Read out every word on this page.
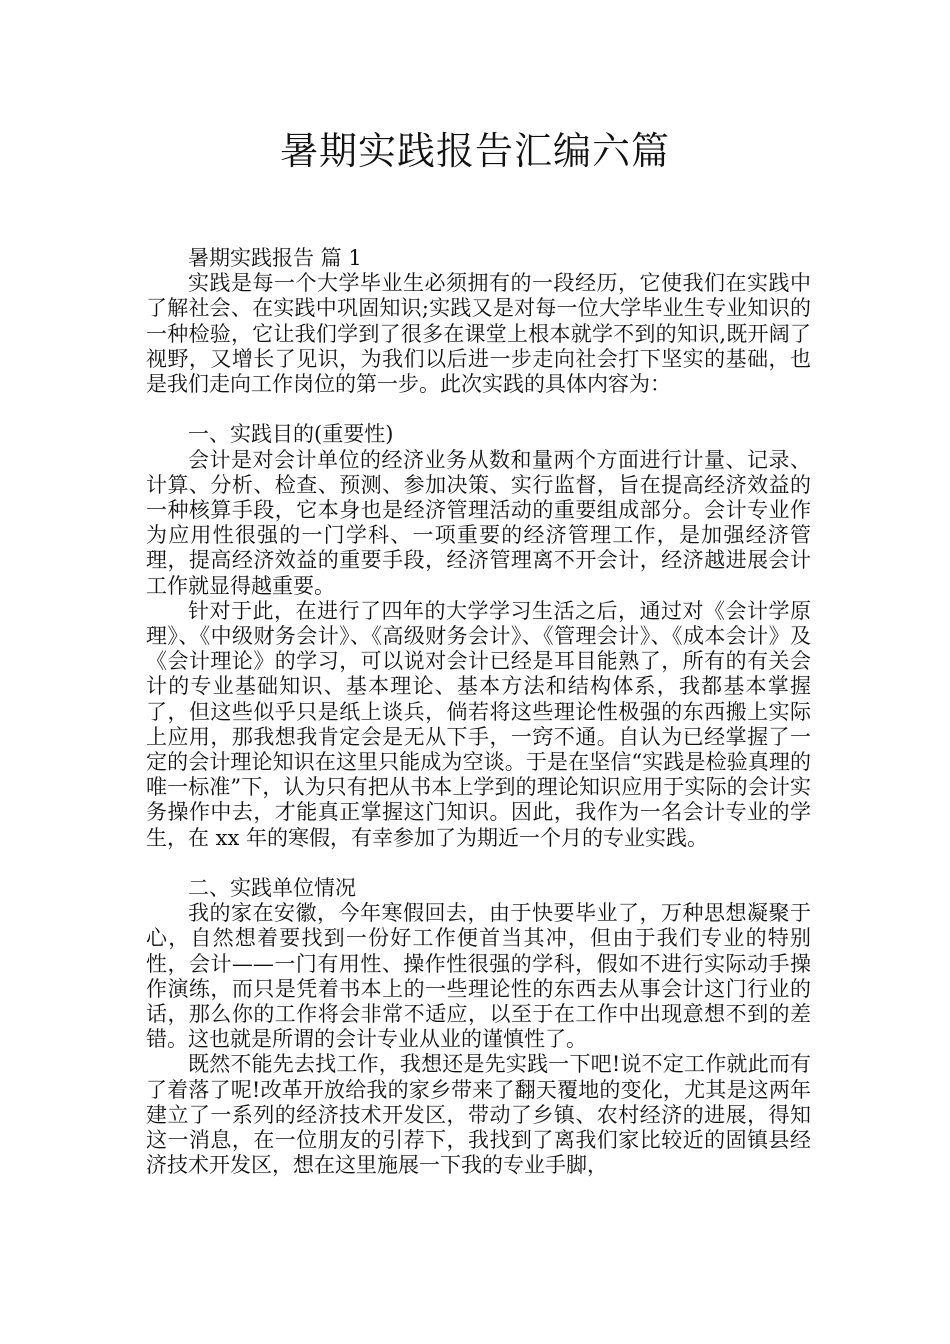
暑期实践报告汇编六篇

暑期实践报告 篇 1

实践是每一个大学毕业生必须拥有的一段经历，它使我们在实践中了解社会、在实践中巩固知识;实践又是对每一位大学毕业生专业知识的一种检验，它让我们学到了很多在课堂上根本就学不到的知识,既开阔了视野，又增长了见识，为我们以后进一步走向社会打下坚实的基础，也是我们走向工作岗位的第一步。此次实践的具体内容为：

一、实践目的(重要性)

会计是对会计单位的经济业务从数和量两个方面进行计量、记录、计算、分析、检查、预测、参加决策、实行监督，旨在提高经济效益的一种核算手段，它本身也是经济管理活动的重要组成部分。会计专业作为应用性很强的一门学科、一项重要的经济管理工作，是加强经济管理，提高经济效益的重要手段，经济管理离不开会计，经济越进展会计工作就显得越重要。

针对于此，在进行了四年的大学学习生活之后，通过对《会计学原理》、《中级财务会计》、《高级财务会计》、《管理会计》、《成本会计》及《会计理论》的学习，可以说对会计已经是耳目能熟了，所有的有关会计的专业基础知识、基本理论、基本方法和结构体系，我都基本掌握了，但这些似乎只是纸上谈兵，倘若将这些理论性极强的东西搬上实际上应用，那我想我肯定会是无从下手，一窍不通。自认为已经掌握了一定的会计理论知识在这里只能成为空谈。于是在坚信“实践是检验真理的唯一标准”下，认为只有把从书本上学到的理论知识应用于实际的会计实务操作中去，才能真正掌握这门知识。因此，我作为一名会计专业的学生，在 xx 年的寒假，有幸参加了为期近一个月的专业实践。

二、实践单位情况

我的家在安徽，今年寒假回去，由于快要毕业了，万种思想凝聚于心，自然想着要找到一份好工作便首当其冲，但由于我们专业的特别性，会计——一门有用性、操作性很强的学科，假如不进行实际动手操作演练，而只是凭着书本上的一些理论性的东西去从事会计这门行业的话，那么你的工作将会非常不适应，以至于在工作中出现意想不到的差错。这也就是所谓的会计专业从业的谨慎性了。

既然不能先去找工作，我想还是先实践一下吧!说不定工作就此而有了着落了呢!改革开放给我的家乡带来了翻天覆地的变化，尤其是这两年建立了一系列的经济技术开发区，带动了乡镇、农村经济的进展，得知这一消息，在一位朋友的引荐下，我找到了离我们家比较近的固镇县经济技术开发区，想在这里施展一下我的专业手脚，
